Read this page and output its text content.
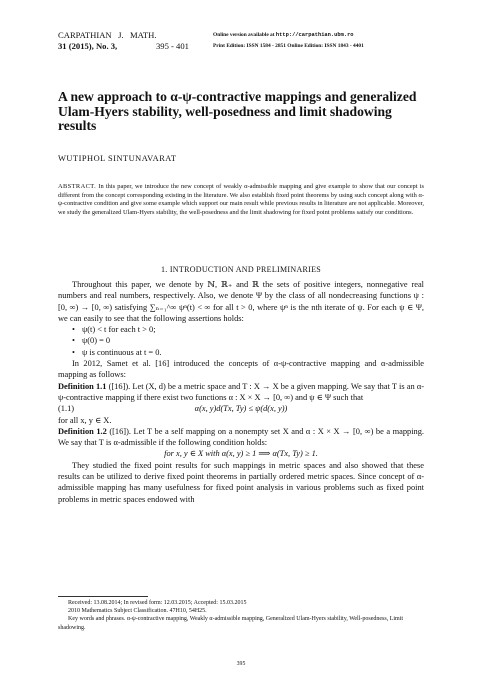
CARPATHIAN   J.   MATH.
31 (2015), No. 3,
	395 - 401
Online version available at http://carpathian.ubm.ro
Print Edition: ISSN 1584 - 2851 Online Edition: ISSN 1843 - 4401
A new approach to α-ψ-contractive mappings and generalized Ulam-Hyers stability, well-posedness and limit shadowing results
WUTIPHOL SINTUNAVARAT
ABSTRACT. In this paper, we introduce the new concept of weakly α-admissible mapping and give example to show that our concept is different from the concept corresponding existing in the literature. We also establish fixed point theorems by using such concept along with α-ψ-contractive condition and give some example which support our main result while previous results in literature are not applicable. Moreover, we study the generalized Ulam-Hyers stability, the well-posedness and the limit shadowing for fixed point problems satisfy our conditions.
1. INTRODUCTION AND PRELIMINARIES

Throughout this paper, we denote by ℕ, ℝ₊ and ℝ the sets of positive integers, nonnegative real numbers and real numbers, respectively. Also, we denote Ψ by the class of all nondecreasing functions ψ : [0, ∞) → [0, ∞) satisfying ∑ₙ₌₁^∞ ψⁿ(t) < ∞ for all t > 0, where ψⁿ is the nth iterate of ψ. For each ψ ∈ Ψ, we can easily to see that the following assertions holds:

• ψ(t) < t for each t > 0;
• ψ(0) = 0
• ψ is continuous at t = 0.

In 2012, Samet et al. [16] introduced the concepts of α-ψ-contractive mapping and α-admissible mapping as follows:

Definition 1.1 ([16]). Let (X, d) be a metric space and T : X → X be a given mapping. We say that T is an α-ψ-contractive mapping if there exist two functions α : X × X → [0, ∞) and ψ ∈ Ψ such that

(1.1)	α(x, y)d(Tx, Ty) ≤ ψ(d(x, y))

for all x, y ∈ X.

Definition 1.2 ([16]). Let T be a self mapping on a nonempty set X and α : X × X → [0, ∞) be a mapping. We say that T is α-admissible if the following condition holds:

for x, y ∈ X with α(x, y) ≥ 1 ⟹ α(Tx, Ty) ≥ 1.

They studied the fixed point results for such mappings in metric spaces and also showed that these results can be utilized to derive fixed point theorems in partially ordered metric spaces. Since concept of α-admissible mapping has many usefulness for fixed point analysis in various problems such as fixed point problems in metric spaces endowed with

Received: 13.08.2014; In revised form: 12.03.2015; Accepted: 15.03.2015

2010 Mathematics Subject Classification. 47H10, 54H25.

Key words and phrases. α-ψ-contractive mapping, Weakly α-admissible mapping, Generalized Ulam-Hyers stability, Well-posedness, Limit shadowing.

395
